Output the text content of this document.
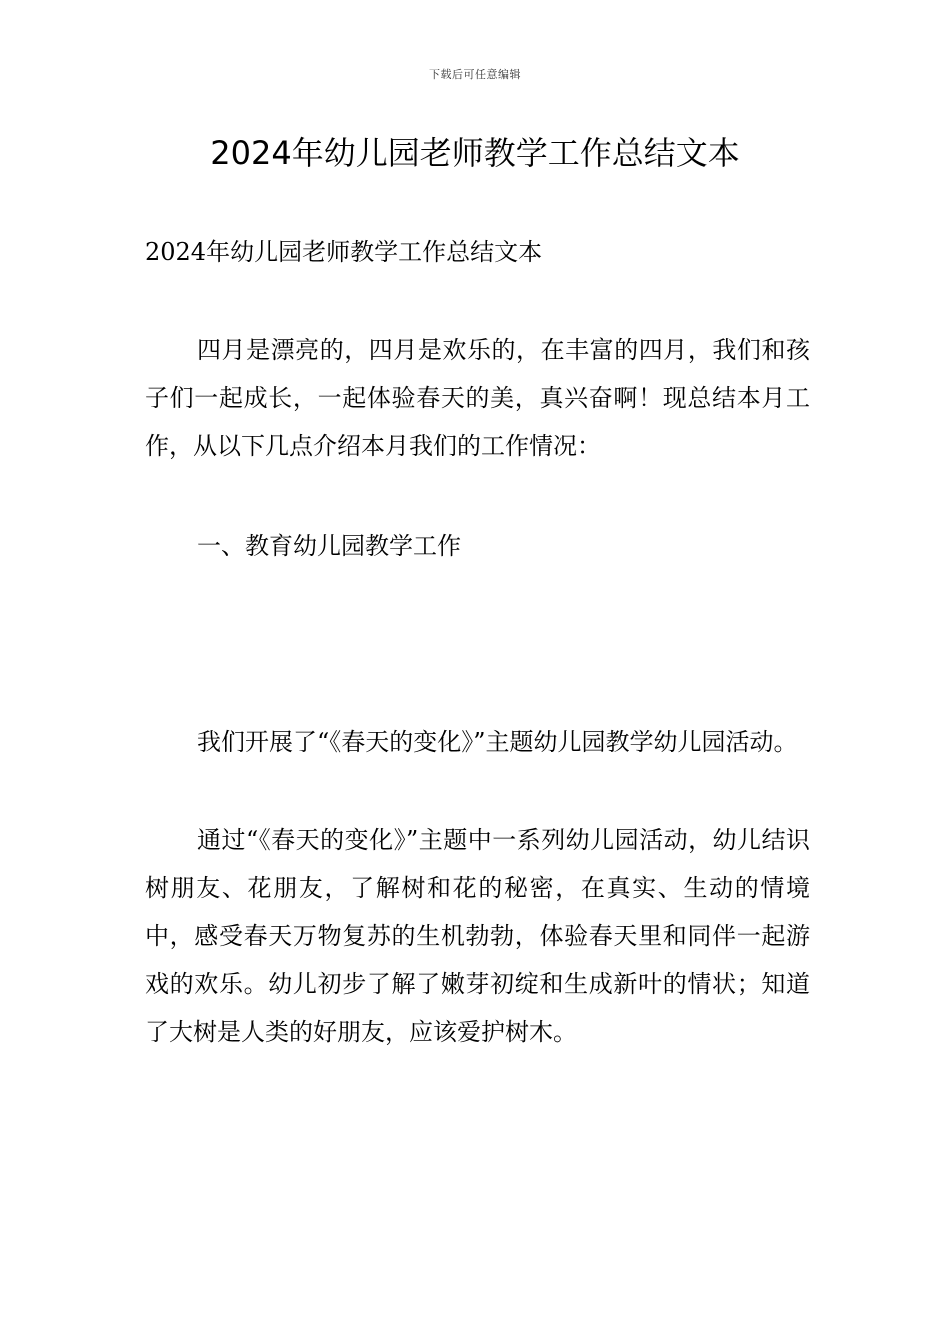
下载后可任意编辑
2024年幼儿园老师教学工作总结文本

2024年幼儿园老师教学工作总结文本

四月是漂亮的，四月是欢乐的，在丰富的四月，我们和孩子们一起成长，一起体验春天的美，真兴奋啊！现总结本月工作，从以下几点介绍本月我们的工作情况：

一、教育幼儿园教学工作

我们开展了“《春天的变化》”主题幼儿园教学幼儿园活动。

通过“《春天的变化》”主题中一系列幼儿园活动，幼儿结识树朋友、花朋友，了解树和花的秘密，在真实、生动的情境中，感受春天万物复苏的生机勃勃，体验春天里和同伴一起游戏的欢乐。幼儿初步了解了嫩芽初绽和生成新叶的情状；知道了大树是人类的好朋友，应该爱护树木。
